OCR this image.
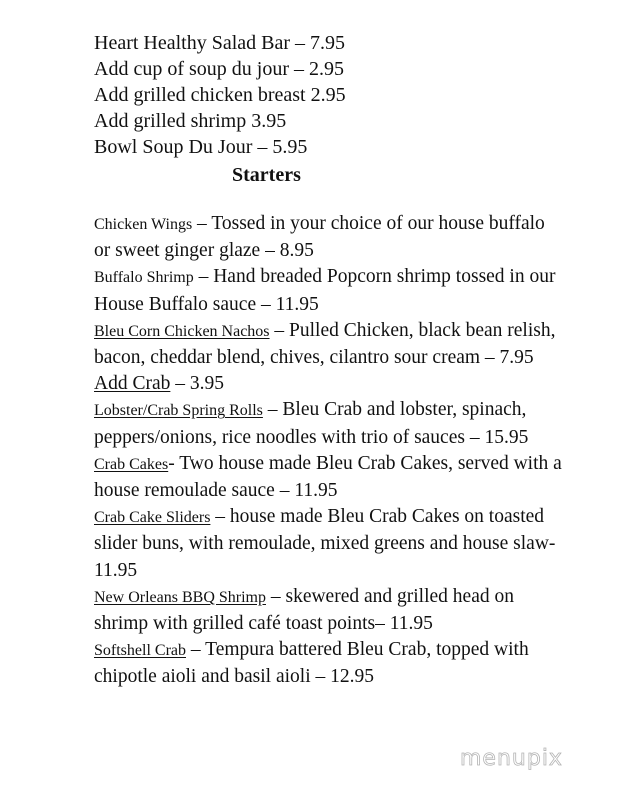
Heart Healthy Salad Bar – 7.95
Add cup of soup du jour – 2.95
Add grilled chicken breast 2.95
Add grilled shrimp 3.95
Bowl Soup Du Jour – 5.95
Starters
Chicken Wings – Tossed in your choice of our house buffalo or sweet ginger glaze – 8.95
Buffalo Shrimp – Hand breaded Popcorn shrimp tossed in our House Buffalo sauce – 11.95
Bleu Corn Chicken Nachos – Pulled Chicken, black bean relish, bacon, cheddar blend, chives, cilantro sour cream – 7.95
Add Crab – 3.95
Lobster/Crab Spring Rolls – Bleu Crab and lobster, spinach, peppers/onions, rice noodles with trio of sauces – 15.95
Crab Cakes- Two house made Bleu Crab Cakes, served with a house remoulade sauce – 11.95
Crab Cake Sliders – house made Bleu Crab Cakes on toasted slider buns, with remoulade, mixed greens and house slaw- 11.95
New Orleans BBQ Shrimp – skewered and grilled head on shrimp with grilled café toast points– 11.95
Softshell Crab – Tempura battered Bleu Crab, topped with chipotle aioli and basil aioli – 12.95
menupix
